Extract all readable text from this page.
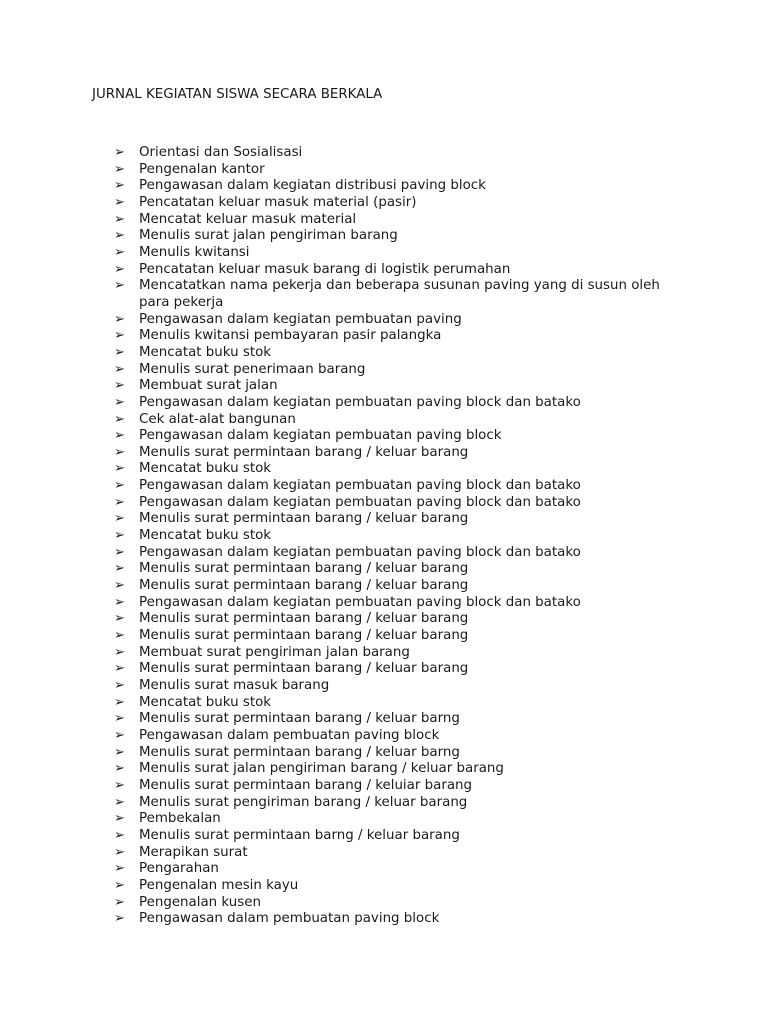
JURNAL KEGIATAN SISWA SECARA BERKALA
➢	Orientasi dan Sosialisasi
➢	Pengenalan kantor
➢	Pengawasan dalam kegiatan distribusi paving block
➢	Pencatatan keluar masuk material (pasir)
➢	Mencatat keluar masuk material
➢	Menulis surat jalan pengiriman barang
➢	Menulis kwitansi
➢	Pencatatan keluar masuk barang di logistik perumahan
➢	Mencatatkan nama pekerja dan beberapa susunan paving yang di susun oleh para pekerja
➢	Pengawasan dalam kegiatan pembuatan paving
➢	Menulis kwitansi pembayaran pasir palangka
➢	Mencatat buku stok
➢	Menulis surat penerimaan barang
➢	Membuat surat jalan
➢	Pengawasan dalam kegiatan pembuatan paving block dan batako
➢	Cek alat-alat bangunan
➢	Pengawasan dalam kegiatan pembuatan paving block
➢	Menulis surat permintaan barang / keluar barang
➢	Mencatat buku stok
➢	Pengawasan dalam kegiatan pembuatan paving block dan batako
➢	Pengawasan dalam kegiatan pembuatan paving block dan batako
➢	Menulis surat permintaan barang / keluar barang
➢	Mencatat buku stok
➢	Pengawasan dalam kegiatan pembuatan paving block dan batako
➢	Menulis surat permintaan barang / keluar barang
➢	Menulis surat permintaan barang / keluar barang
➢	Pengawasan dalam kegiatan pembuatan paving block dan batako
➢	Menulis surat permintaan barang / keluar barang
➢	Menulis surat permintaan barang / keluar barang
➢	Membuat surat pengiriman jalan barang
➢	Menulis surat permintaan barang / keluar barang
➢	Menulis surat masuk barang
➢	Mencatat buku stok
➢	Menulis surat permintaan barang / keluar barng
➢	Pengawasan dalam pembuatan paving block
➢	Menulis surat permintaan barang / keluar barng
➢	Menulis surat jalan pengiriman barang / keluar barang
➢	Menulis surat permintaan barang / keluiar barang
➢	Menulis surat pengiriman barang / keluar barang
➢	Pembekalan
➢	Menulis surat permintaan barng / keluar barang
➢	Merapikan surat
➢	Pengarahan
➢	Pengenalan mesin kayu
➢	Pengenalan kusen
➢	Pengawasan dalam pembuatan paving block
